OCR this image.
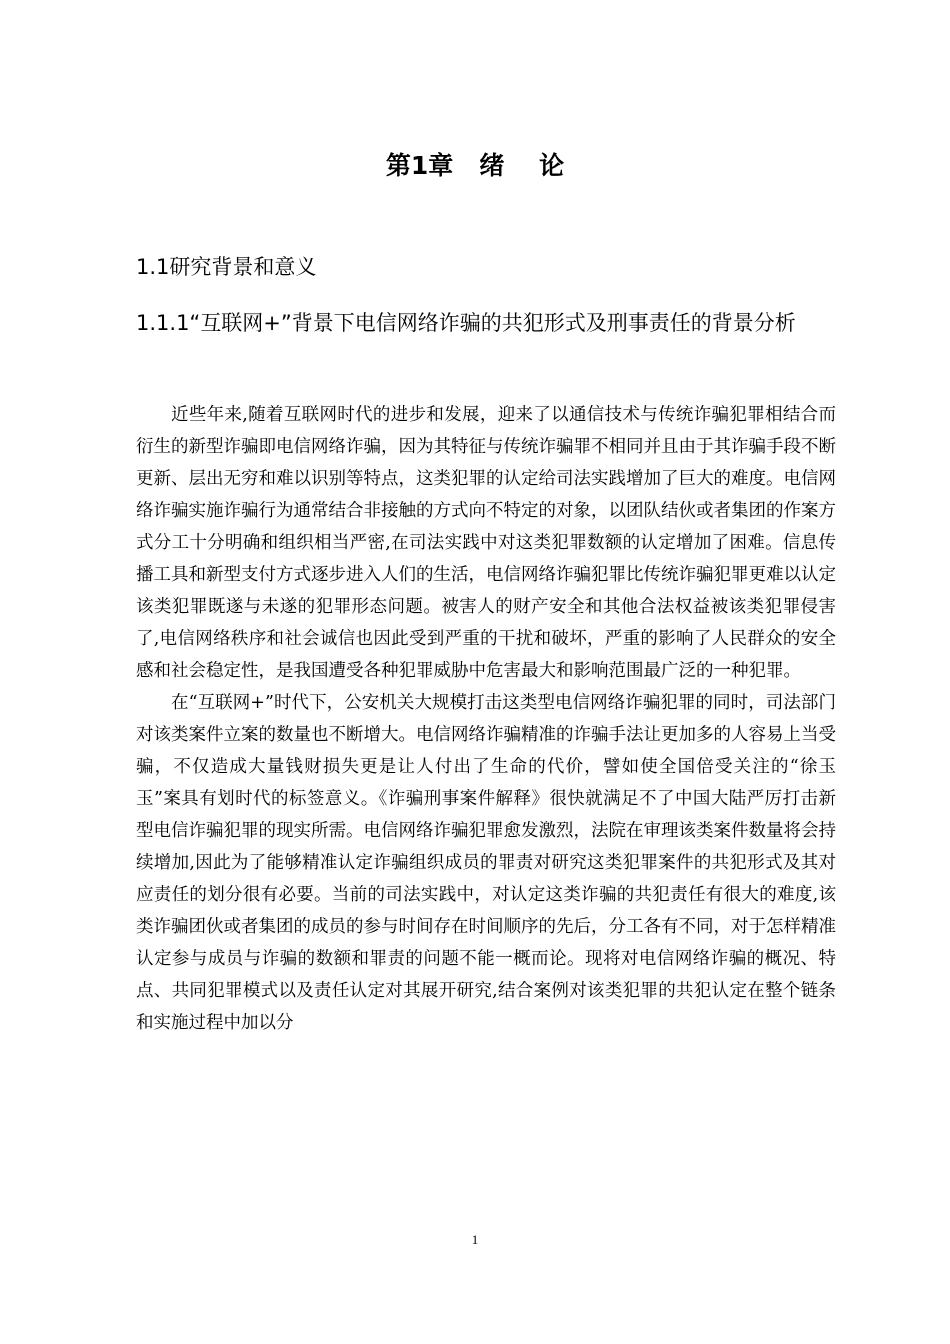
第1章   绪    论
1.1研究背景和意义
1.1.1“互联网+”背景下电信网络诈骗的共犯形式及刑事责任的背景分析

近些年来,随着互联网时代的进步和发展，迎来了以通信技术与传统诈骗犯罪相结合而衍生的新型诈骗即电信网络诈骗，因为其特征与传统诈骗罪不相同并且由于其诈骗手段不断更新、层出无穷和难以识别等特点，这类犯罪的认定给司法实践增加了巨大的难度。电信网络诈骗实施诈骗行为通常结合非接触的方式向不特定的对象，以团队结伙或者集团的作案方式分工十分明确和组织相当严密,在司法实践中对这类犯罪数额的认定增加了困难。信息传播工具和新型支付方式逐步进入人们的生活，电信网络诈骗犯罪比传统诈骗犯罪更难以认定该类犯罪既遂与未遂的犯罪形态问题。被害人的财产安全和其他合法权益被该类犯罪侵害了,电信网络秩序和社会诚信也因此受到严重的干扰和破坏，严重的影响了人民群众的安全感和社会稳定性，是我国遭受各种犯罪威胁中危害最大和影响范围最广泛的一种犯罪。

在“互联网+”时代下，公安机关大规模打击这类型电信网络诈骗犯罪的同时，司法部门对该类案件立案的数量也不断增大。电信网络诈骗精准的诈骗手法让更加多的人容易上当受骗，不仅造成大量钱财损失更是让人付出了生命的代价，譬如使全国倍受关注的“徐玉玉”案具有划时代的标签意义。《诈骗刑事案件解释》很快就满足不了中国大陆严厉打击新型电信诈骗犯罪的现实所需。电信网络诈骗犯罪愈发激烈，法院在审理该类案件数量将会持续增加,因此为了能够精准认定诈骗组织成员的罪责对研究这类犯罪案件的共犯形式及其对应责任的划分很有必要。当前的司法实践中，对认定这类诈骗的共犯责任有很大的难度,该类诈骗团伙或者集团的成员的参与时间存在时间顺序的先后，分工各有不同，对于怎样精准认定参与成员与诈骗的数额和罪责的问题不能一概而论。现将对电信网络诈骗的概况、特点、共同犯罪模式以及责任认定对其展开研究,结合案例对该类犯罪的共犯认定在整个链条和实施过程中加以分

1
